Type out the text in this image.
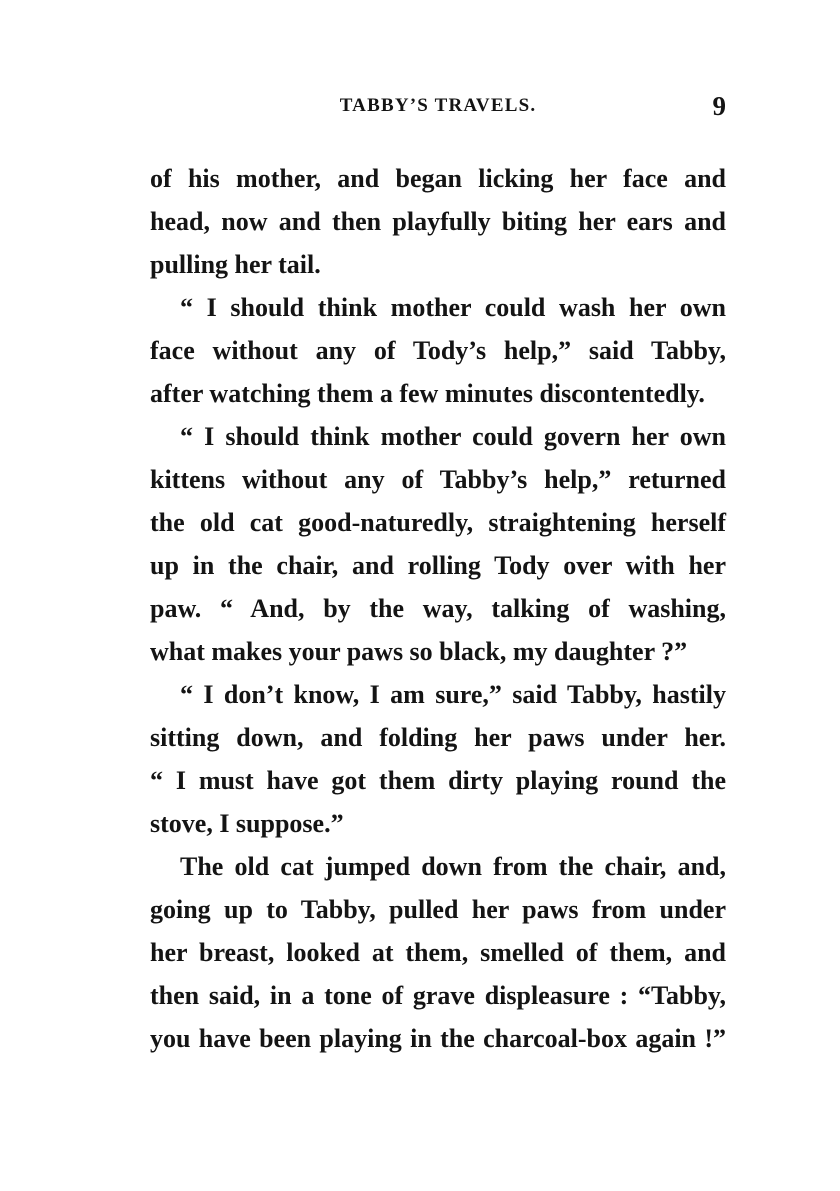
TABBY’S TRAVELS.	9

of his mother, and began licking her face and
head, now and then playfully biting her ears and
pulling her tail.

“ I should think mother could wash her own
face without any of Tody’s help,” said Tabby,
after watching them a few minutes discontentedly.

“ I should think mother could govern her own
kittens without any of Tabby’s help,” returned
the old cat good-naturedly, straightening herself
up in the chair, and rolling Tody over with her
paw. “ And, by the way, talking of washing,
what makes your paws so black, my daughter ?”

“ I don’t know, I am sure,” said Tabby, hastily
sitting down, and folding her paws under her.
“ I must have got them dirty playing round the
stove, I suppose.”

The old cat jumped down from the chair, and,
going up to Tabby, pulled her paws from under
her breast, looked at them, smelled of them, and
then said, in a tone of grave displeasure : “Tabby,
you have been playing in the charcoal-box again !”
